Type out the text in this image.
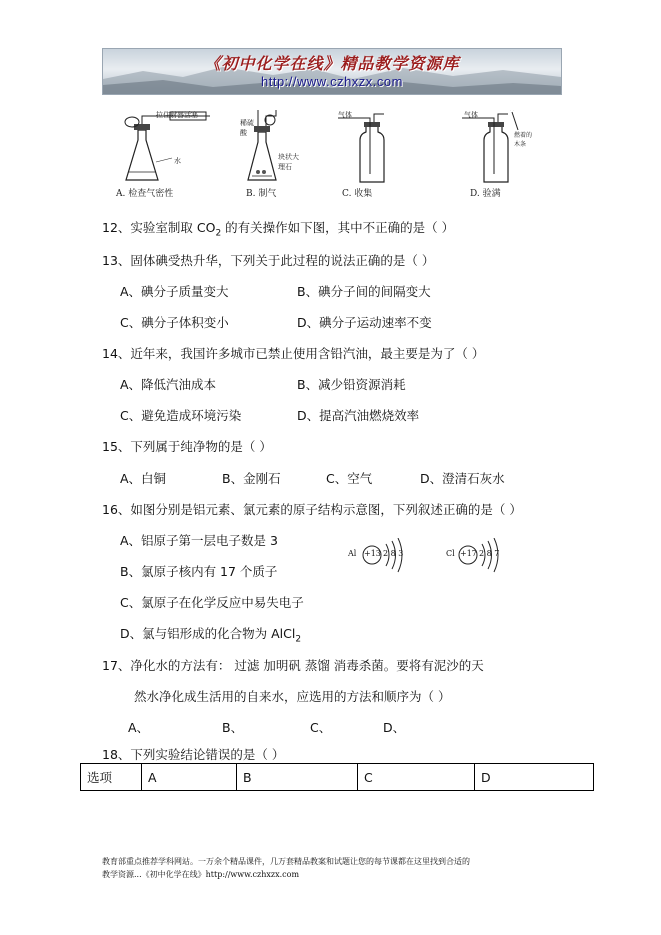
《初中化学在线》精品教学资源库
http://www.czhxzx.com
拉住射器活塞
水
A. 检查气密性
稀硫酸
块状大理石
B. 制气
气体
C. 收集
气体
燃着的木条
D. 验满
12、实验室制取 $CO_2$ 的有关操作如下图，其中不正确的是（ ）
13、固体碘受热升华，下列关于此过程的说法正确的是（ ）
A、碘分子质量变大	B、碘分子间的间隔变大
C、碘分子体积变小	D、碘分子运动速率不变
14、近年来，我国许多城市已禁止使用含铅汽油，最主要是为了（ ）
A、降低汽油成本	B、减少铅资源消耗
C、避免造成环境污染	D、提高汽油燃烧效率
15、下列属于纯净物的是（ ）
A、白铜	B、金刚石	C、空气	D、澄清石灰水
16、如图分别是铝元素、氯元素的原子结构示意图，下列叙述正确的是（ ）
A、铝原子第一层电子数是 3
B、氯原子核内有 17 个质子
C、氯原子在化学反应中易失电子
D、氯与铝形成的化合物为 AlCl$_2$
Al +13 2 8 3	Cl +17 2 8 7
17、净化水的方法有： 过滤 加明矾 蒸馏 消毒杀菌。要将有泥沙的天
然水净化成生活用的自来水，应选用的方法和顺序为（ ）
A、	B、	C、	D、
18、下列实验结论错误的是（ ）
选项	A	B	C	D
教育部重点推荐学科网站。一万余个精品课件，几万套精品教案和试题让您的每节课都在这里找到合适的
教学资源...《初中化学在线》http://www.czhxzx.com
